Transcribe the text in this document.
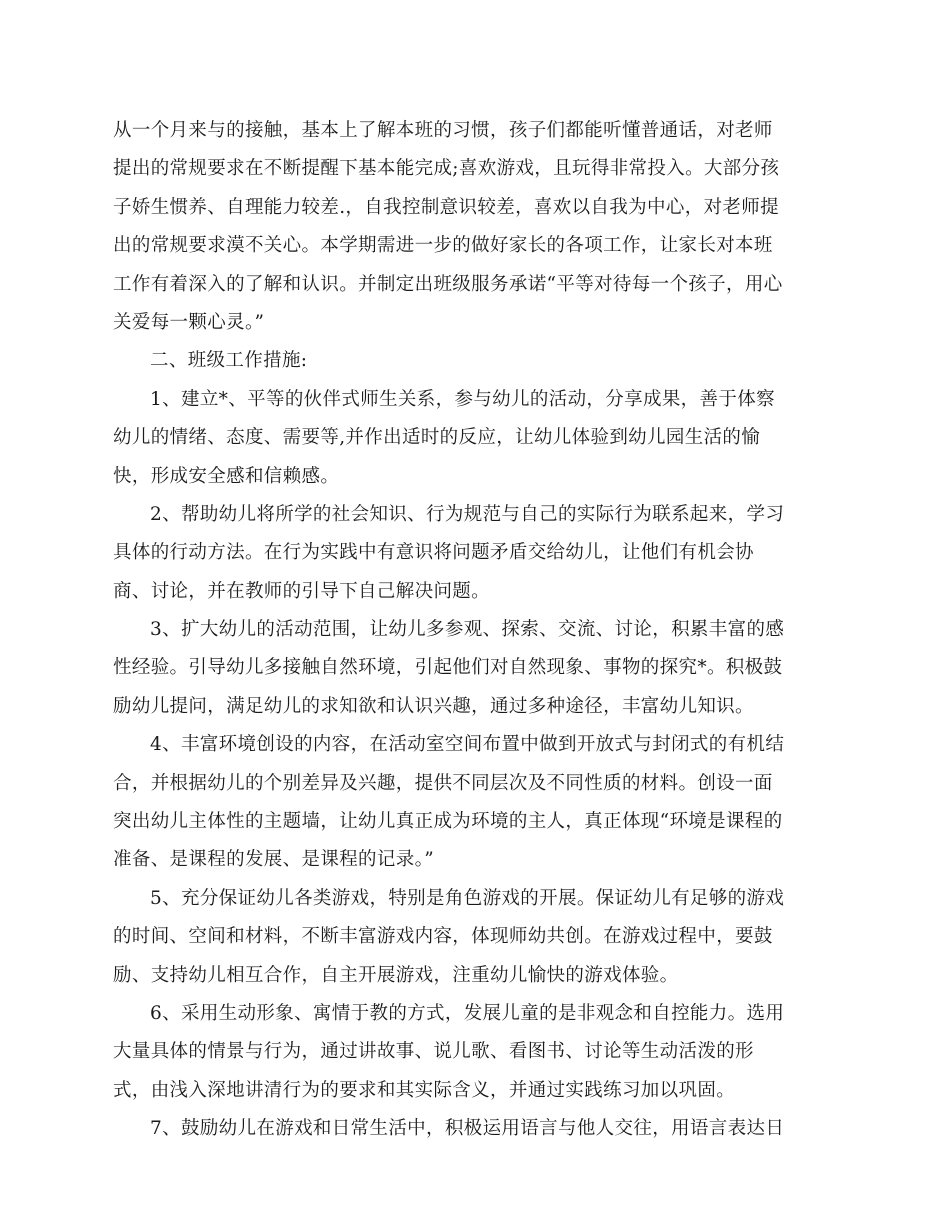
从一个月来与的接触，基本上了解本班的习惯，孩子们都能听懂普通话，对老师
提出的常规要求在不断提醒下基本能完成;喜欢游戏，且玩得非常投入。大部分孩
子娇生惯养、自理能力较差.，自我控制意识较差，喜欢以自我为中心，对老师提
出的常规要求漠不关心。本学期需进一步的做好家长的各项工作，让家长对本班
工作有着深入的了解和认识。并制定出班级服务承诺“平等对待每一个孩子，用心
关爱每一颗心灵。”
二、班级工作措施:
1、建立*、平等的伙伴式师生关系，参与幼儿的活动，分享成果，善于体察
幼儿的情绪、态度、需要等,并作出适时的反应，让幼儿体验到幼儿园生活的愉
快，形成安全感和信赖感。
2、帮助幼儿将所学的社会知识、行为规范与自己的实际行为联系起来，学习
具体的行动方法。在行为实践中有意识将问题矛盾交给幼儿，让他们有机会协
商、讨论，并在教师的引导下自己解决问题。
3、扩大幼儿的活动范围，让幼儿多参观、探索、交流、讨论，积累丰富的感
性经验。引导幼儿多接触自然环境，引起他们对自然现象、事物的探究*。积极鼓
励幼儿提问，满足幼儿的求知欲和认识兴趣，通过多种途径，丰富幼儿知识。
4、丰富环境创设的内容，在活动室空间布置中做到开放式与封闭式的有机结
合，并根据幼儿的个别差异及兴趣，提供不同层次及不同性质的材料。创设一面
突出幼儿主体性的主题墙，让幼儿真正成为环境的主人，真正体现“环境是课程的
准备、是课程的发展、是课程的记录。”
5、充分保证幼儿各类游戏，特别是角色游戏的开展。保证幼儿有足够的游戏
的时间、空间和材料，不断丰富游戏内容，体现师幼共创。在游戏过程中，要鼓
励、支持幼儿相互合作，自主开展游戏，注重幼儿愉快的游戏体验。
6、采用生动形象、寓情于教的方式，发展儿童的是非观念和自控能力。选用
大量具体的情景与行为，通过讲故事、说儿歌、看图书、讨论等生动活泼的形
式，由浅入深地讲清行为的要求和其实际含义，并通过实践练习加以巩固。
7、鼓励幼儿在游戏和日常生活中，积极运用语言与他人交往，用语言表达日
